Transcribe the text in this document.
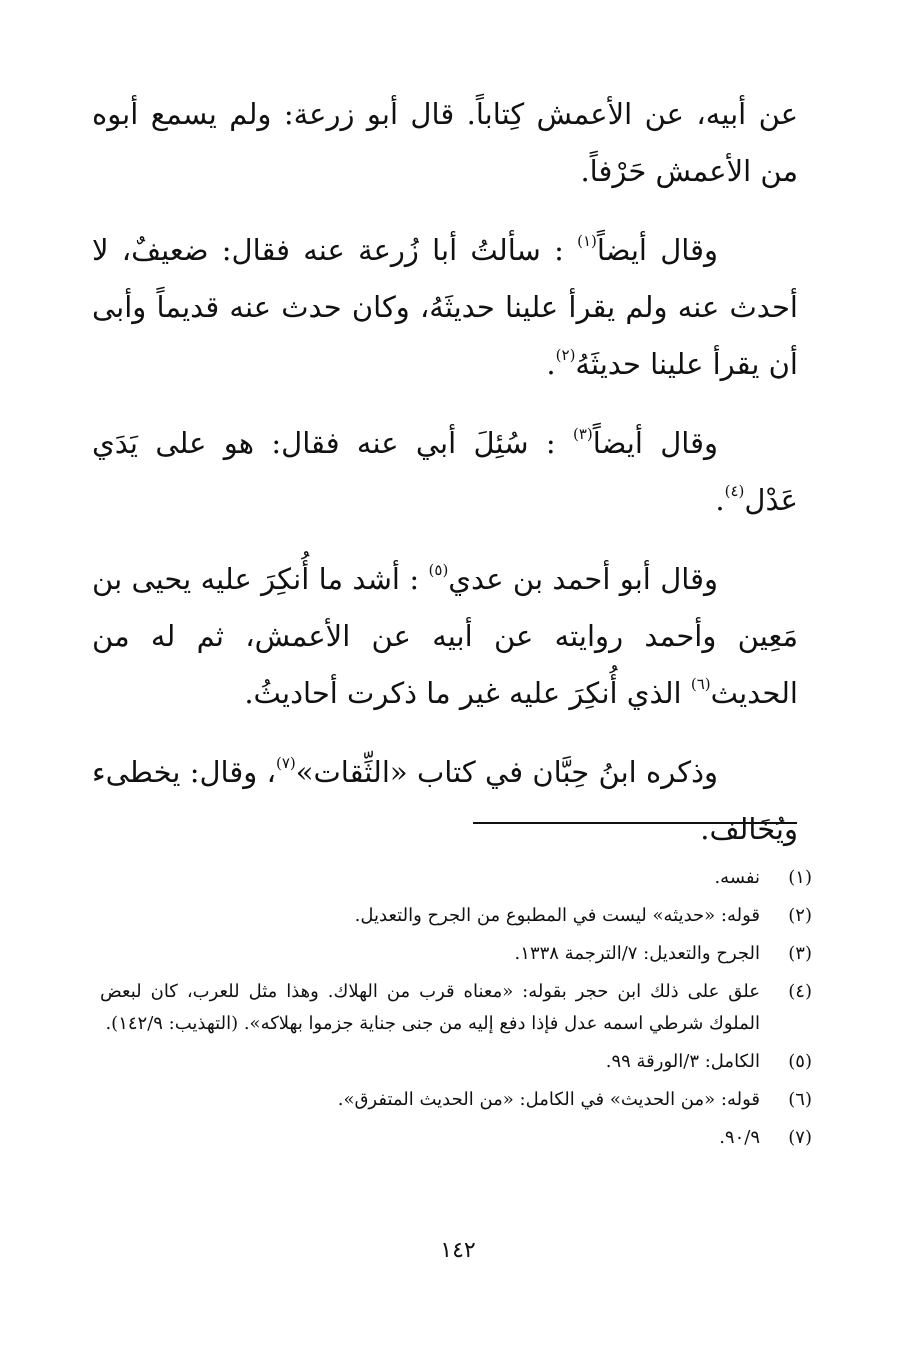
عن أبيه، عن الأعمش كِتاباً. قال أبو زرعة: ولم يسمع أبوه من الأعمش حَرْفاً.

وقال أيضاً$^{(١)}$ : سألتُ أبا زُرعة عنه فقال: ضعيفٌ، لا أحدث عنه ولم يقرأ علينا حديثَهُ، وكان حدث عنه قديماً وأبى أن يقرأ علينا حديثَهُ$^{(٢)}$.

وقال أيضاً$^{(٣)}$ : سُئِلَ أبي عنه فقال: هو على يَدَي عَدْل$^{(٤)}$.

وقال أبو أحمد بن عدي$^{(٥)}$ : أشد ما أُنكِرَ عليه يحيى بن مَعِين وأحمد روايته عن أبيه عن الأعمش، ثم له من الحديث$^{(٦)}$ الذي أُنكِرَ عليه غير ما ذكرت أحاديثُ.

وذكره ابنُ حِبَّان في كتاب «الثِّقات»$^{(٧)}$، وقال: يخطىء ويُخَالف.

(١)
نفسه.
(٢)
قوله: «حديثه» ليست في المطبوع من الجرح والتعديل.
(٣)
الجرح والتعديل: ٧/الترجمة ١٣٣٨.
(٤)
علق على ذلك ابن حجر بقوله: «معناه قرب من الهلاك. وهذا مثل للعرب، كان لبعض الملوك شرطي اسمه عدل فإذا دفع إليه من جنى جناية جزموا بهلاكه». (التهذيب: ١٤٢/٩).
(٥)
الكامل: ٣/الورقة ٩٩.
(٦)
قوله: «من الحديث» في الكامل: «من الحديث المتفرق».
(٧)
٩٠/٩.
١٤٢
